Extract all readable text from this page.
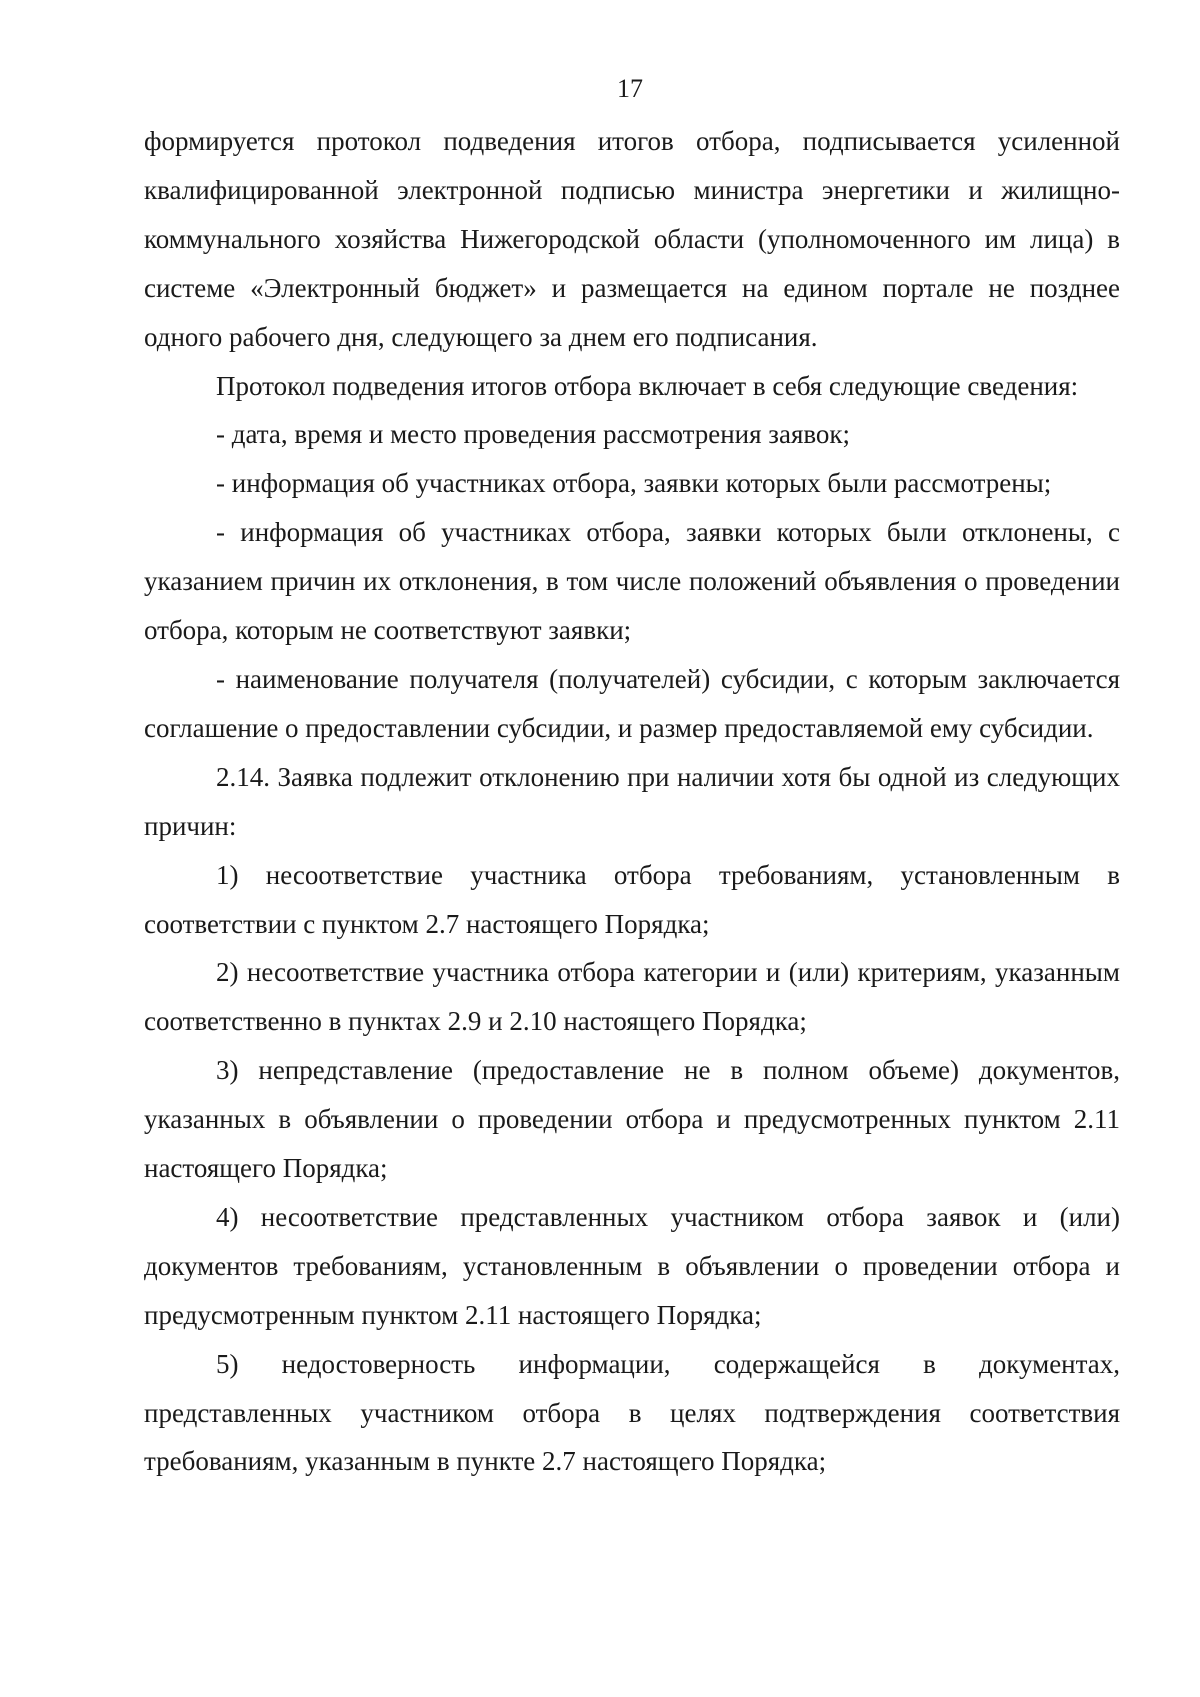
17

формируется протокол подведения итогов отбора, подписывается усиленной квалифицированной электронной подписью министра энергетики и жилищно-коммунального хозяйства Нижегородской области (уполномоченного им лица) в системе «Электронный бюджет» и размещается на едином портале не позднее одного рабочего дня, следующего за днем его подписания.

Протокол подведения итогов отбора включает в себя следующие сведения:

- дата, время и место проведения рассмотрения заявок;

- информация об участниках отбора, заявки которых были рассмотрены;

- информация об участниках отбора, заявки которых были отклонены, с указанием причин их отклонения, в том числе положений объявления о проведении отбора, которым не соответствуют заявки;

- наименование получателя (получателей) субсидии, с которым заключается соглашение о предоставлении субсидии, и размер предоставляемой ему субсидии.

2.14. Заявка подлежит отклонению при наличии хотя бы одной из следующих причин:

1) несоответствие участника отбора требованиям, установленным в соответствии с пунктом 2.7 настоящего Порядка;

2) несоответствие участника отбора категории и (или) критериям, указанным соответственно в пунктах 2.9 и 2.10 настоящего Порядка;

3) непредставление (предоставление не в полном объеме) документов, указанных в объявлении о проведении отбора и предусмотренных пунктом 2.11 настоящего Порядка;

4) несоответствие представленных участником отбора заявок и (или) документов требованиям, установленным в объявлении о проведении отбора и предусмотренным пунктом 2.11 настоящего Порядка;

5) недостоверность информации, содержащейся в документах, представленных участником отбора в целях подтверждения соответствия требованиям, указанным в пункте 2.7 настоящего Порядка;
